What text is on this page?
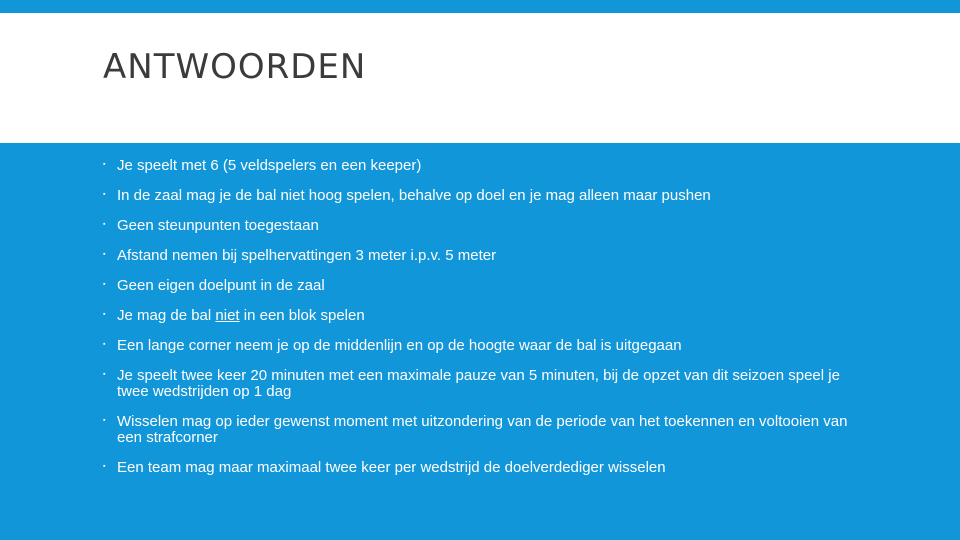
ANTWOORDEN
▪ Je speelt met 6 (5 veldspelers en een keeper)
▪ In de zaal mag je de bal niet hoog spelen, behalve op doel en je mag alleen maar pushen
▪ Geen steunpunten toegestaan
▪ Afstand nemen bij spelhervattingen 3 meter i.p.v. 5 meter
▪ Geen eigen doelpunt in de zaal
▪ Je mag de bal niet in een blok spelen
▪ Een lange corner neem je op de middenlijn en op de hoogte waar de bal is uitgegaan
▪ Je speelt twee keer 20 minuten met een maximale pauze van 5 minuten, bij de opzet van dit seizoen speel je twee wedstrijden op 1 dag
▪ Wisselen mag op ieder gewenst moment met uitzondering van de periode van het toekennen en voltooien van een strafcorner
▪ Een team mag maar maximaal twee keer per wedstrijd de doelverdediger wisselen
